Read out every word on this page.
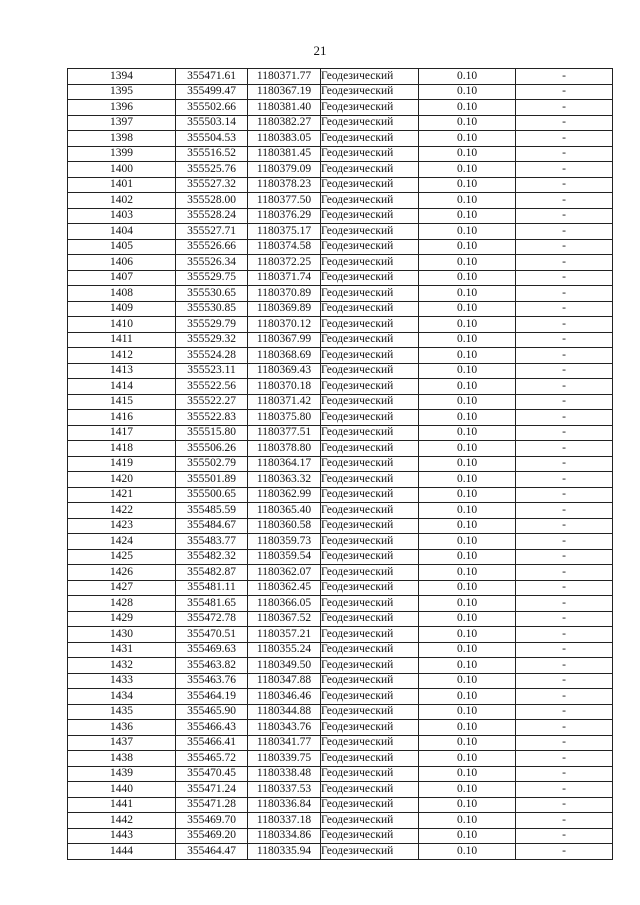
21
1394	355471.61	1180371.77	Геодезический	0.10	-
1395	355499.47	1180367.19	Геодезический	0.10	-
1396	355502.66	1180381.40	Геодезический	0.10	-
1397	355503.14	1180382.27	Геодезический	0.10	-
1398	355504.53	1180383.05	Геодезический	0.10	-
1399	355516.52	1180381.45	Геодезический	0.10	-
1400	355525.76	1180379.09	Геодезический	0.10	-
1401	355527.32	1180378.23	Геодезический	0.10	-
1402	355528.00	1180377.50	Геодезический	0.10	-
1403	355528.24	1180376.29	Геодезический	0.10	-
1404	355527.71	1180375.17	Геодезический	0.10	-
1405	355526.66	1180374.58	Геодезический	0.10	-
1406	355526.34	1180372.25	Геодезический	0.10	-
1407	355529.75	1180371.74	Геодезический	0.10	-
1408	355530.65	1180370.89	Геодезический	0.10	-
1409	355530.85	1180369.89	Геодезический	0.10	-
1410	355529.79	1180370.12	Геодезический	0.10	-
1411	355529.32	1180367.99	Геодезический	0.10	-
1412	355524.28	1180368.69	Геодезический	0.10	-
1413	355523.11	1180369.43	Геодезический	0.10	-
1414	355522.56	1180370.18	Геодезический	0.10	-
1415	355522.27	1180371.42	Геодезический	0.10	-
1416	355522.83	1180375.80	Геодезический	0.10	-
1417	355515.80	1180377.51	Геодезический	0.10	-
1418	355506.26	1180378.80	Геодезический	0.10	-
1419	355502.79	1180364.17	Геодезический	0.10	-
1420	355501.89	1180363.32	Геодезический	0.10	-
1421	355500.65	1180362.99	Геодезический	0.10	-
1422	355485.59	1180365.40	Геодезический	0.10	-
1423	355484.67	1180360.58	Геодезический	0.10	-
1424	355483.77	1180359.73	Геодезический	0.10	-
1425	355482.32	1180359.54	Геодезический	0.10	-
1426	355482.87	1180362.07	Геодезический	0.10	-
1427	355481.11	1180362.45	Геодезический	0.10	-
1428	355481.65	1180366.05	Геодезический	0.10	-
1429	355472.78	1180367.52	Геодезический	0.10	-
1430	355470.51	1180357.21	Геодезический	0.10	-
1431	355469.63	1180355.24	Геодезический	0.10	-
1432	355463.82	1180349.50	Геодезический	0.10	-
1433	355463.76	1180347.88	Геодезический	0.10	-
1434	355464.19	1180346.46	Геодезический	0.10	-
1435	355465.90	1180344.88	Геодезический	0.10	-
1436	355466.43	1180343.76	Геодезический	0.10	-
1437	355466.41	1180341.77	Геодезический	0.10	-
1438	355465.72	1180339.75	Геодезический	0.10	-
1439	355470.45	1180338.48	Геодезический	0.10	-
1440	355471.24	1180337.53	Геодезический	0.10	-
1441	355471.28	1180336.84	Геодезический	0.10	-
1442	355469.70	1180337.18	Геодезический	0.10	-
1443	355469.20	1180334.86	Геодезический	0.10	-
1444	355464.47	1180335.94	Геодезический	0.10	-
